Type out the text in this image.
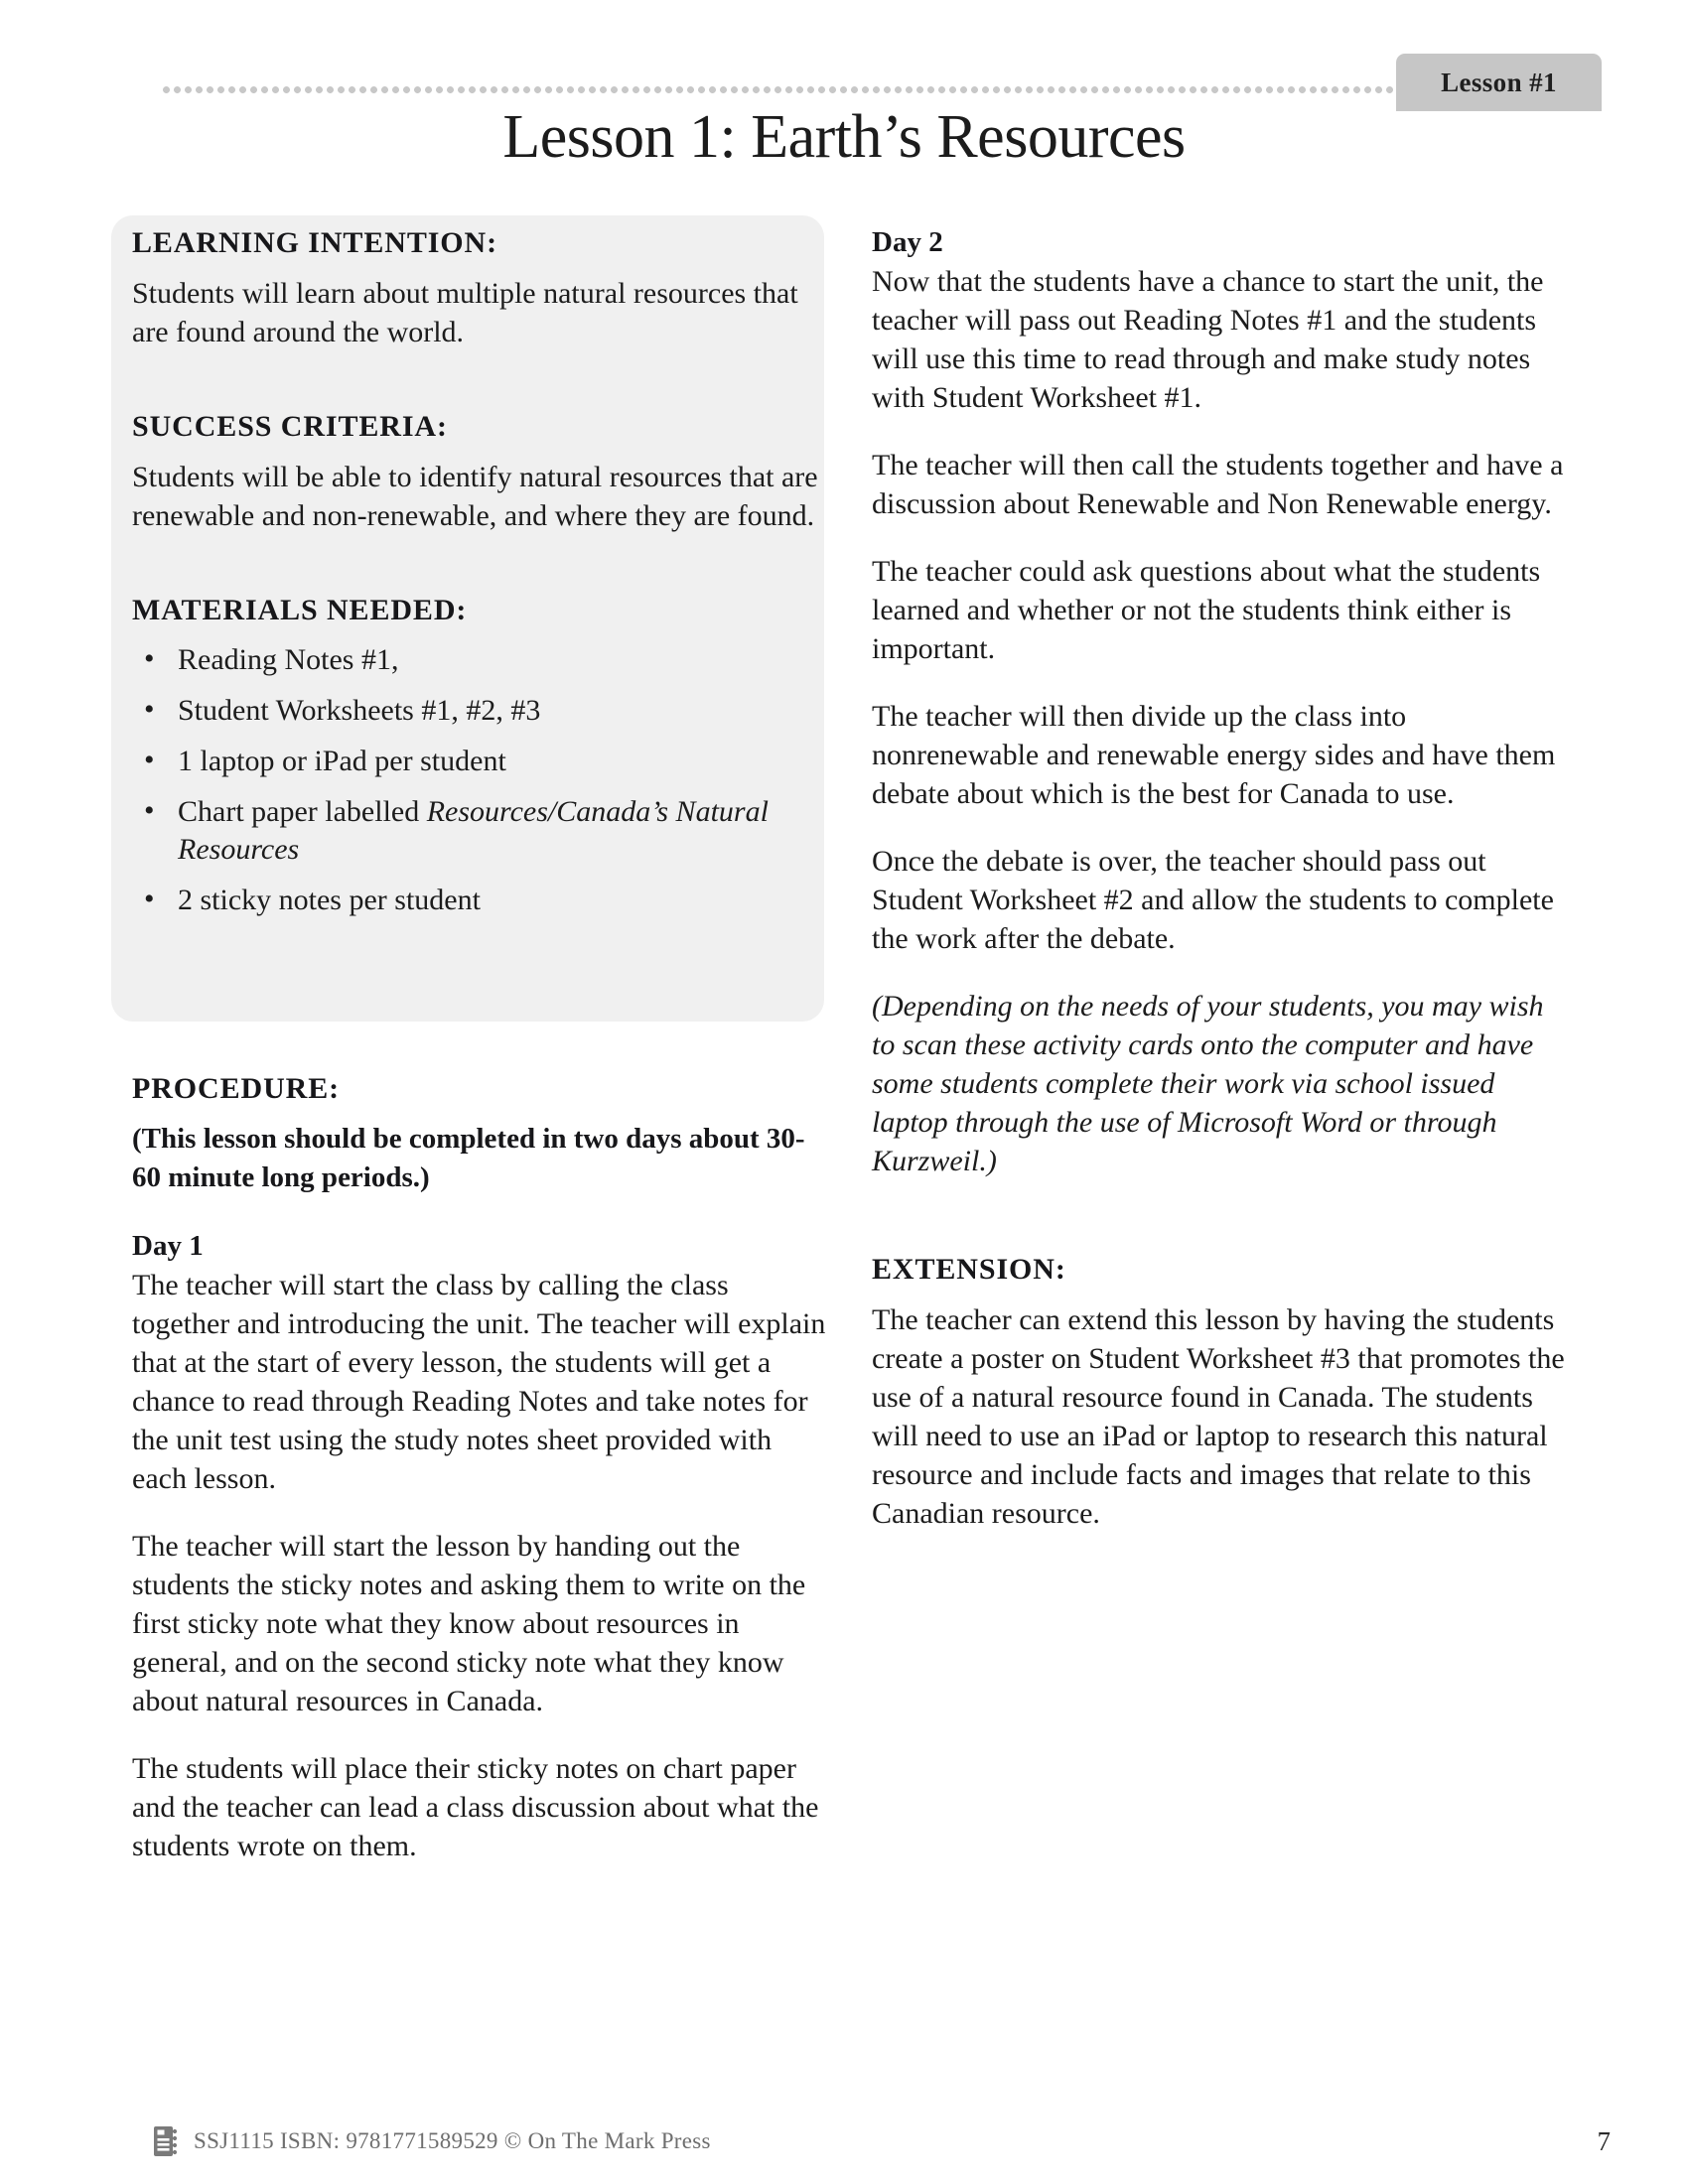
Lesson #1
Lesson 1: Earth’s Resources
LEARNING INTENTION:

Students will learn about multiple natural resources that are found around the world.

SUCCESS CRITERIA:

Students will be able to identify natural resources that are renewable and non-renewable, and where they are found.

MATERIALS NEEDED:
• Reading Notes #1,
• Student Worksheets #1, #2, #3
• 1 laptop or iPad per student
• Chart paper labelled Resources/Canada’s Natural Resources
• 2 sticky notes per student
PROCEDURE:

(This lesson should be completed in two days about 30-60 minute long periods.)

Day 1

The teacher will start the class by calling the class together and introducing the unit. The teacher will explain that at the start of every lesson, the students will get a chance to read through Reading Notes and take notes for the unit test using the study notes sheet provided with each lesson.

The teacher will start the lesson by handing out the students the sticky notes and asking them to write on the first sticky note what they know about resources in general, and on the second sticky note what they know about natural resources in Canada.

The students will place their sticky notes on chart paper and the teacher can lead a class discussion about what the students wrote on them.

Day 2

Now that the students have a chance to start the unit, the teacher will pass out Reading Notes #1 and the students will use this time to read through and make study notes with Student Worksheet #1.

The teacher will then call the students together and have a discussion about Renewable and Non Renewable energy.

The teacher could ask questions about what the students learned and whether or not the students think either is important.

The teacher will then divide up the class into nonrenewable and renewable energy sides and have them debate about which is the best for Canada to use.

Once the debate is over, the teacher should pass out Student Worksheet #2 and allow the students to complete the work after the debate.

(Depending on the needs of your students, you may wish to scan these activity cards onto the computer and have some students complete their work via school issued laptop through the use of Microsoft Word or through Kurzweil.)

EXTENSION:

The teacher can extend this lesson by having the students create a poster on Student Worksheet #3 that promotes the use of a natural resource found in Canada. The students will need to use an iPad or laptop to research this natural resource and include facts and images that relate to this Canadian resource.

SSJ1115 ISBN: 9781771589529 © On The Mark Press	7
